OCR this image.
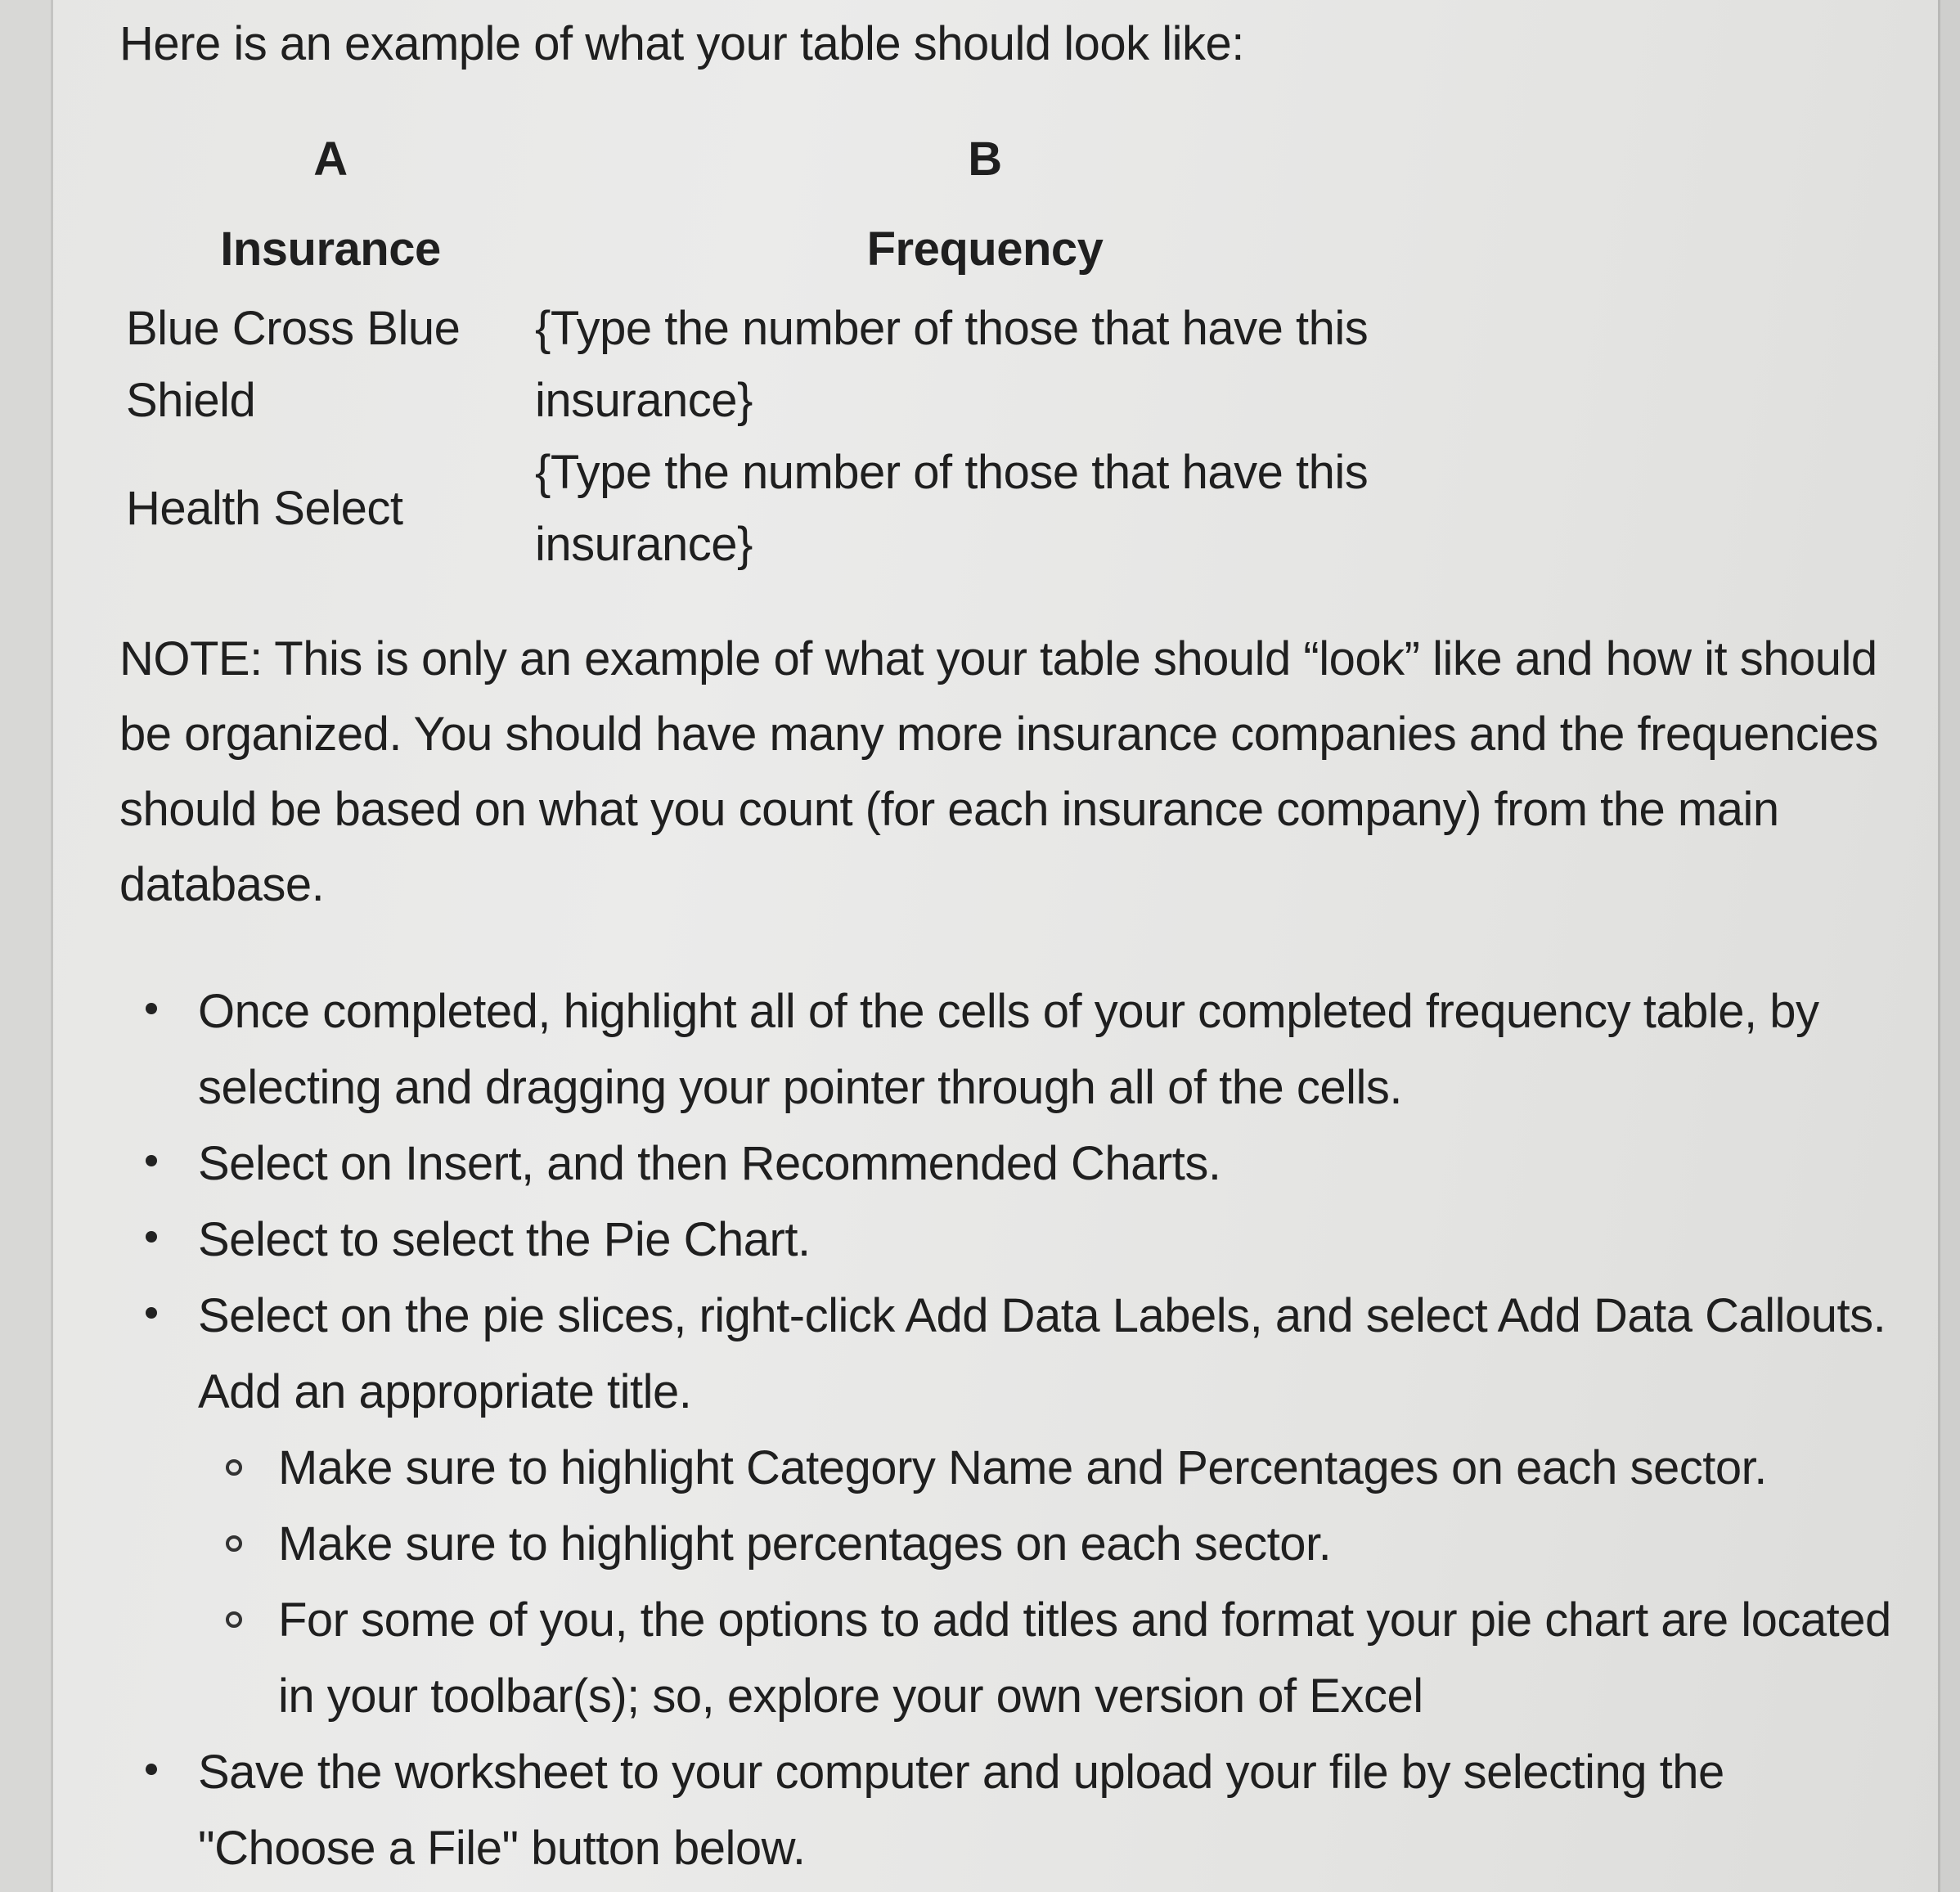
Here is an example of what your table should look like:

A	B
Insurance	Frequency
Blue Cross Blue Shield	{Type the number of those that have this insurance}
Health Select	{Type the number of those that have this insurance}

NOTE: This is only an example of what your table should “look” like and how it should be organized. You should have many more insurance companies and the frequencies should be based on what you count (for each insurance company) from the main database.

Once completed, highlight all of the cells of your completed frequency table, by selecting and dragging your pointer through all of the cells.
Select on Insert, and then Recommended Charts.
Select to select the Pie Chart.
Select on the pie slices, right-click Add Data Labels, and select Add Data Callouts. Add an appropriate title.
Make sure to highlight Category Name and Percentages on each sector.
Make sure to highlight percentages on each sector.
For some of you, the options to add titles and format your pie chart are located in your toolbar(s); so, explore your own version of Excel
Save the worksheet to your computer and upload your file by selecting the "Choose a File" button below.
